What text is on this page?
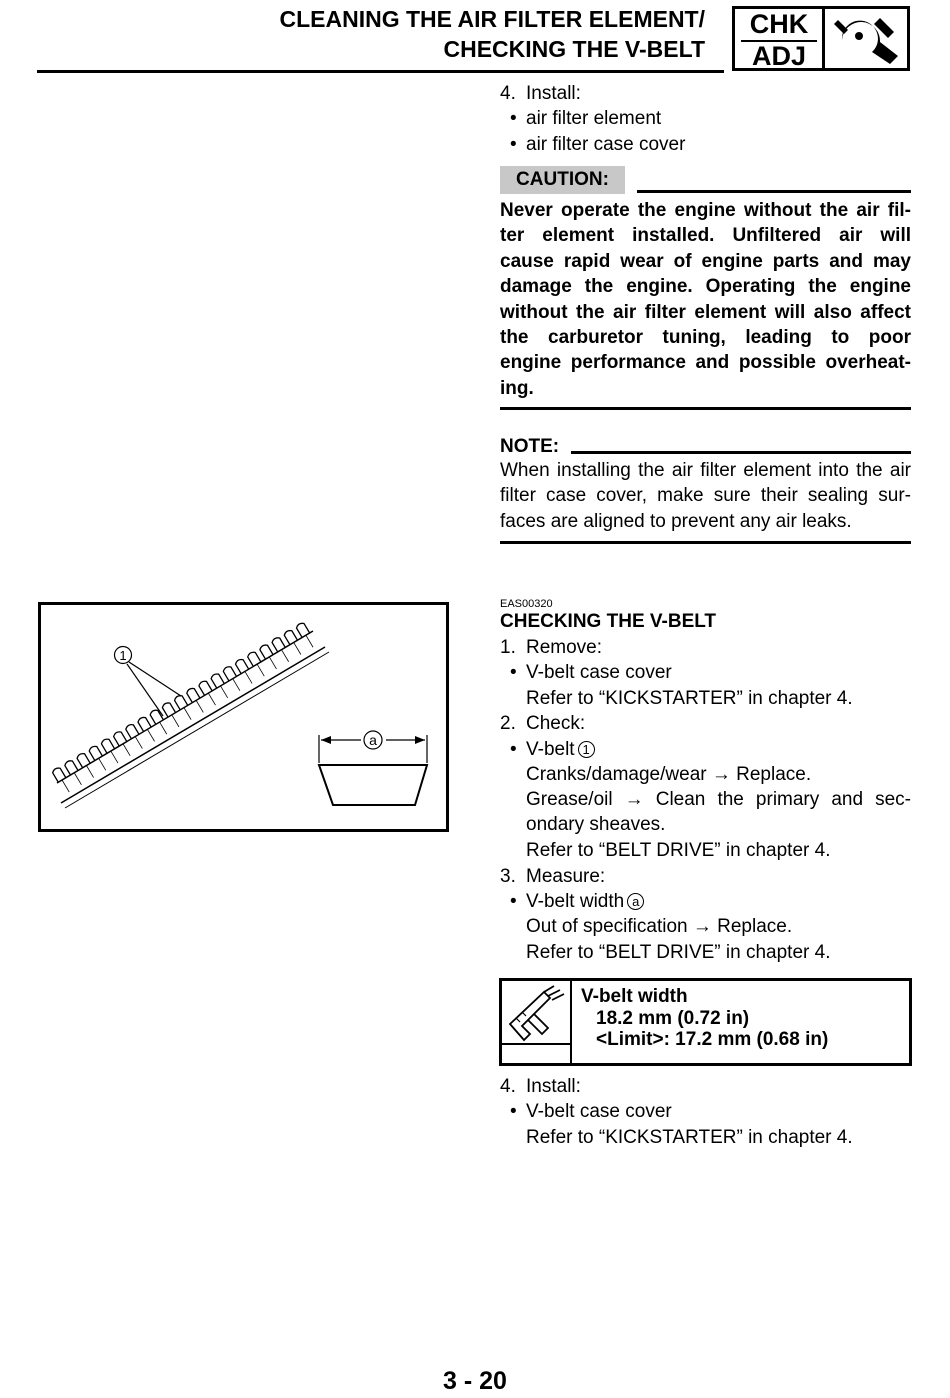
CLEANING THE AIR FILTER ELEMENT/
CHECKING THE V-BELT
CHK
ADJ
4. Install:
• air filter element
• air filter case cover
CAUTION:
Never operate the engine without the air fil-
ter element installed. Unfiltered air will
cause rapid wear of engine parts and may
damage the engine. Operating the engine
without the air filter element will also affect
the carburetor tuning, leading to poor
engine performance and possible overheat-
ing.
NOTE:
When installing the air filter element into the air
filter case cover, make sure their sealing sur-
faces are aligned to prevent any air leaks.
1
a
EAS00320
CHECKING THE V-BELT
1. Remove:
• V-belt case cover
Refer to “KICKSTARTER” in chapter 4.
2. Check:
• V-belt 1
Cranks/damage/wear → Replace.
Grease/oil → Clean the primary and sec-
ondary sheaves.
Refer to “BELT DRIVE” in chapter 4.
3. Measure:
• V-belt width a
Out of specification → Replace.
Refer to “BELT DRIVE” in chapter 4.
V-belt width
18.2 mm (0.72 in)
<Limit>: 17.2 mm (0.68 in)
4. Install:
• V-belt case cover
Refer to “KICKSTARTER” in chapter 4.
3 - 20
